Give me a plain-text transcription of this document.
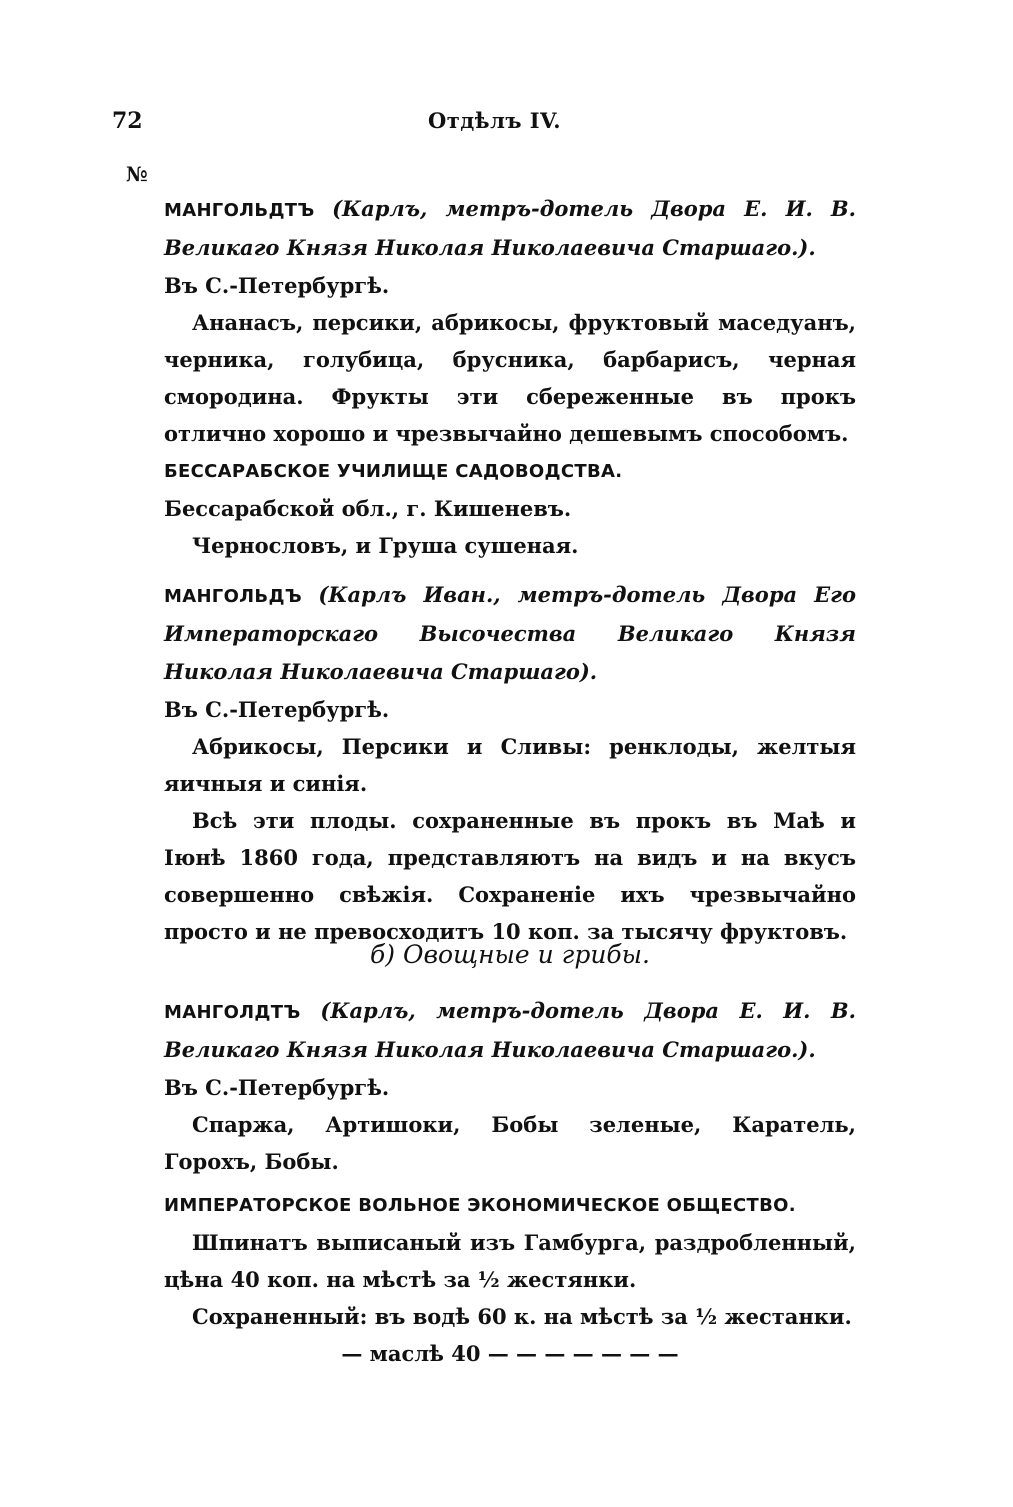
72	Отдѣлъ IV.
№

МАНГОЛЬДТЪ (Карлъ, метръ-дотель Двора Е. И. В. Великаго Князя Николая Николаевича Старшаго.).

Въ С.-Петербургѣ.

Ананасъ, персики, абрикосы, фруктовый маседуанъ, черника, голубица, брусника, барбарисъ, черная смородина. Фрукты эти сбереженные въ прокъ отлично хорошо и чрезвычайно дешевымъ способомъ.

БЕССАРАБСКОЕ УЧИЛИЩЕ САДОВОДСТВА.

Бессарабской обл., г. Кишеневъ.

Чернословъ, и Груша сушеная.

МАНГОЛЬДЪ (Карлъ Иван., метръ-дотель Двора Его Императорскаго Высочества Великаго Князя Николая Николаевича Старшаго).

Въ С.-Петербургѣ.

Абрикосы, Персики и Сливы: ренклоды, желтыя яичныя и синія.

Всѣ эти плоды. сохраненные въ прокъ въ Маѣ и Іюнѣ 1860 года, представляютъ на видъ и на вкусъ совершенно свѣжія. Сохраненіе ихъ чрезвычайно просто и не превосходитъ 10 коп. за тысячу фруктовъ.

б) Овощные и грибы.

МАНГОЛДТЪ (Карлъ, метръ-дотель Двора Е. И. В. Великаго Князя Николая Николаевича Старшаго.).

Въ С.-Петербургѣ.

Спаржа, Артишоки, Бобы зеленые, Каратель, Горохъ, Бобы.

ИМПЕРАТОРСКОЕ ВОЛЬНОЕ ЭКОНОМИЧЕСКОЕ ОБЩЕСТВО.

Шпинатъ выписаный изъ Гамбурга, раздробленный, цѣна 40 коп. на мѣстѣ за ½ жестянки.

Сохраненный: въ водѣ 60 к. на мѣстѣ за ½ жестанки.

— маслѣ 40 — — — — — — —
